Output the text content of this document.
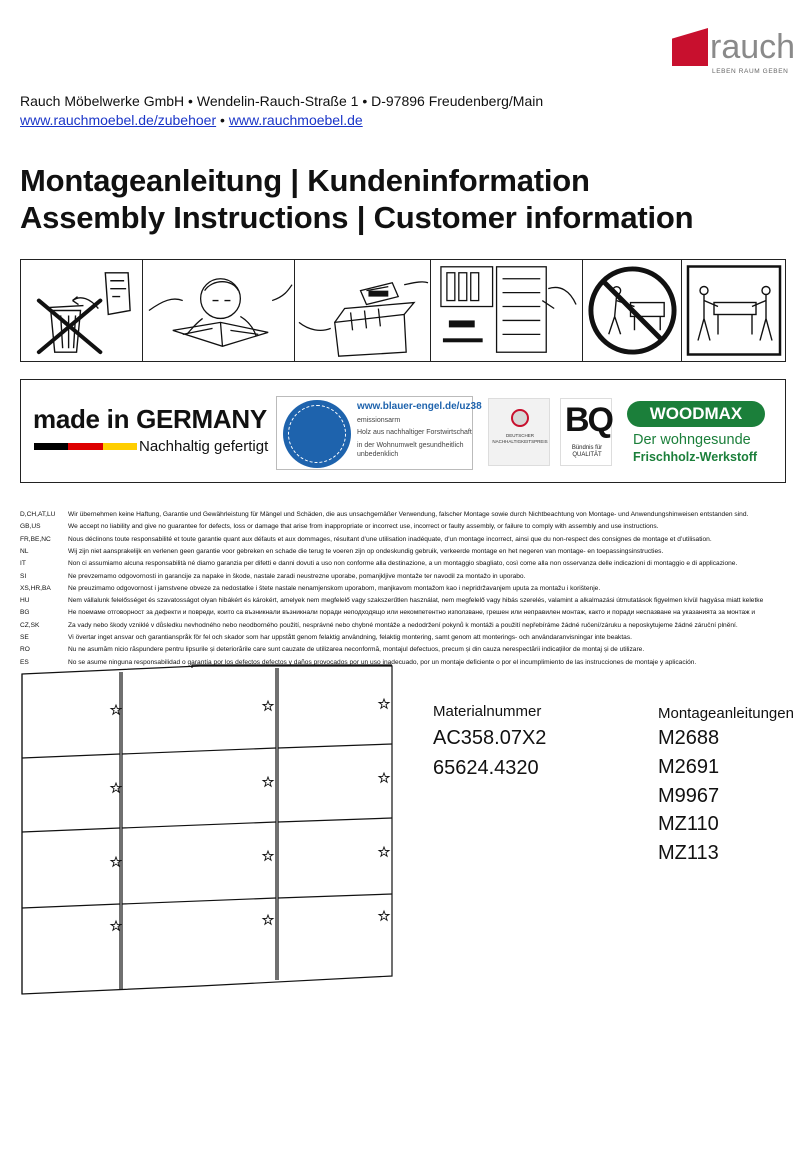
rauch
LEBEN RAUM GEBEN
Rauch Möbelwerke GmbH • Wendelin-Rauch-Straße 1 • D-97896 Freudenberg/Main
www.rauchmoebel.de/zubehoer • www.rauchmoebel.de
Montageanleitung | Kundeninformation
Assembly Instructions | Customer information
made in GERMANY
Nachhaltig gefertigt
www.blauer-engel.de/uz38
emissionsarm
Holz aus nachhaltiger Forstwirtschaft
in der Wohnumwelt gesundheitlich unbedenklich
DEUTSCHER NACHHALTIGKEITSPREIS
BQ
Bündnis für QUALITÄT
WOODMAX
Der wohngesunde
Frischholz-Werkstoff
D,CH,AT,LU	Wir übernehmen keine Haftung, Garantie und Gewährleistung für Mängel und Schäden, die aus unsachgemäßer Verwendung, falscher Montage sowie durch Nichtbeachtung von Montage- und Anwendungshinweisen entstanden sind.
GB,US	We accept no liability and give no guarantee for defects, loss or damage that arise from inappropriate or incorrect use, incorrect or faulty assembly, or failure to comply with assembly and use instructions.
FR,BE,NC	Nous déclinons toute responsabilité et toute garantie quant aux défauts et aux dommages, résultant d’une utilisation inadéquate, d’un montage incorrect, ainsi que du non-respect des consignes de montage et d’utilisation.
NL	Wij zijn niet aansprakelijk en verlenen geen garantie voor gebreken en schade die terug te voeren zijn op ondeskundig gebruik, verkeerde montage en het negeren van montage- en toepassingsinstructies.
IT	Non ci assumiamo alcuna responsabilità né diamo garanzia per difetti e danni dovuti a uso non conforme alla destinazione, a un montaggio sbagliato, così come alla non osservanza delle indicazioni di montaggio e di applicazione.
SI	Ne prevzemamo odgovornosti in garancije za napake in škode, nastale zaradi neustrezne uporabe, pomanjkljive montaže ter navodil za montažo in uporabo.
XS,HR,BA	Ne preuzimamo odgovornost i jamstvene obveze za nedostatke i štete nastale nenamjenskom uporabom, manjkavom montažom kao i nepridržavanjem uputa za montažu i korištenje.
HU	Nem vállalunk felelősséget és szavatosságot olyan hibákért és károkért, amelyek nem megfelelő vagy szakszerűtlen használat, nem megfelelő vagy hibás szerelés, valamint a alkalmazási útmutatások figyelmen kívül hagyása miatt keletke
BG	Не поемаме отговорност за дефекти и повреди, които са възникнали възникнали поради неподходящо или некомпетентно използване, грешен или неправилен монтаж, както и поради неспазване на указанията за монтаж и
CZ,SK	Za vady nebo škody vzniklé v důsledku nevhodného nebo neodborného použití, nesprávné nebo chybné montáže a nedodržení pokynů k montáži a použití nepřebíráme žádné ručení/záruku a neposkytujeme žádné záruční plnění.
SE	Vi övertar inget ansvar och garantianspråk för fel och skador som har uppstått genom felaktig användning, felaktig montering, samt genom att monterings- och användaranvisningar inte beaktas.
RO	Nu ne asumăm nicio răspundere pentru lipsurile și deteriorările care sunt cauzate de utilizarea neconformă, montajul defectuos, precum și din cauza nerespectării indicațiilor de montaj și de utilizare.
ES	No se asume ninguna responsabilidad o garantía por los defectos defectos y daños provocados por un uso inadecuado, por un montaje deficiente o por el incumplimiento de las instrucciones de montaje y aplicación.
Materialnummer
AC358.07X2
65624.4320
Montageanleitungen
M2688
M2691
M9967
MZ110
MZ113
